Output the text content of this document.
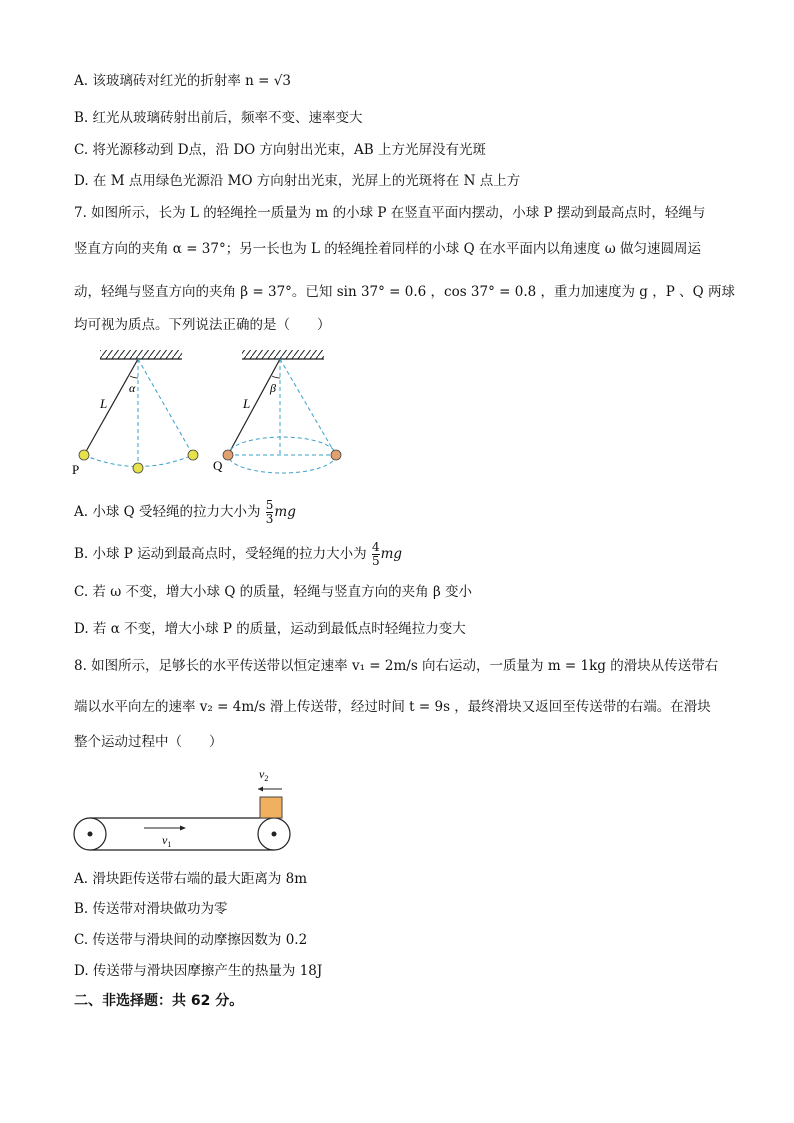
A. 该玻璃砖对红光的折射率 n = √3
B. 红光从玻璃砖射出前后，频率不变、速率变大
C. 将光源移动到 D点，沿 DO 方向射出光束，AB 上方光屏没有光斑
D. 在 M 点用绿色光源沿 MO 方向射出光束，光屏上的光斑将在 N 点上方
7. 如图所示，长为 L 的轻绳拴一质量为 m 的小球 P 在竖直平面内摆动，小球 P 摆动到最高点时，轻绳与
竖直方向的夹角 α = 37°；另一长也为 L 的轻绳拴着同样的小球 Q 在水平面内以角速度 ω 做匀速圆周运
动，轻绳与竖直方向的夹角 β = 37°。已知 sin 37° = 0.6 ，cos 37° = 0.8 ，重力加速度为 g ，P 、Q 两球
均可视为质点。下列说法正确的是（　　）
L
α
P
L
β
Q
A. 小球 Q 受轻绳的拉力大小为 $\frac{5}{3}$ mg
B. 小球 P 运动到最高点时，受轻绳的拉力大小为 $\frac{4}{5}$ mg
C. 若 ω 不变，增大小球 Q 的质量，轻绳与竖直方向的夹角 β 变小
D. 若 α 不变，增大小球 P 的质量，运动到最低点时轻绳拉力变大
8. 如图所示，足够长的水平传送带以恒定速率 v₁ = 2m/s 向右运动，一质量为 m = 1kg 的滑块从传送带右
端以水平向左的速率 v₂ = 4m/s 滑上传送带，经过时间 t = 9s ，最终滑块又返回至传送带的右端。在滑块
整个运动过程中（　　）
$v_2$
$v_1$
A. 滑块距传送带右端的最大距离为 8m
B. 传送带对滑块做功为零
C. 传送带与滑块间的动摩擦因数为 0.2
D. 传送带与滑块因摩擦产生的热量为 18J
二、非选择题：共 62 分。
